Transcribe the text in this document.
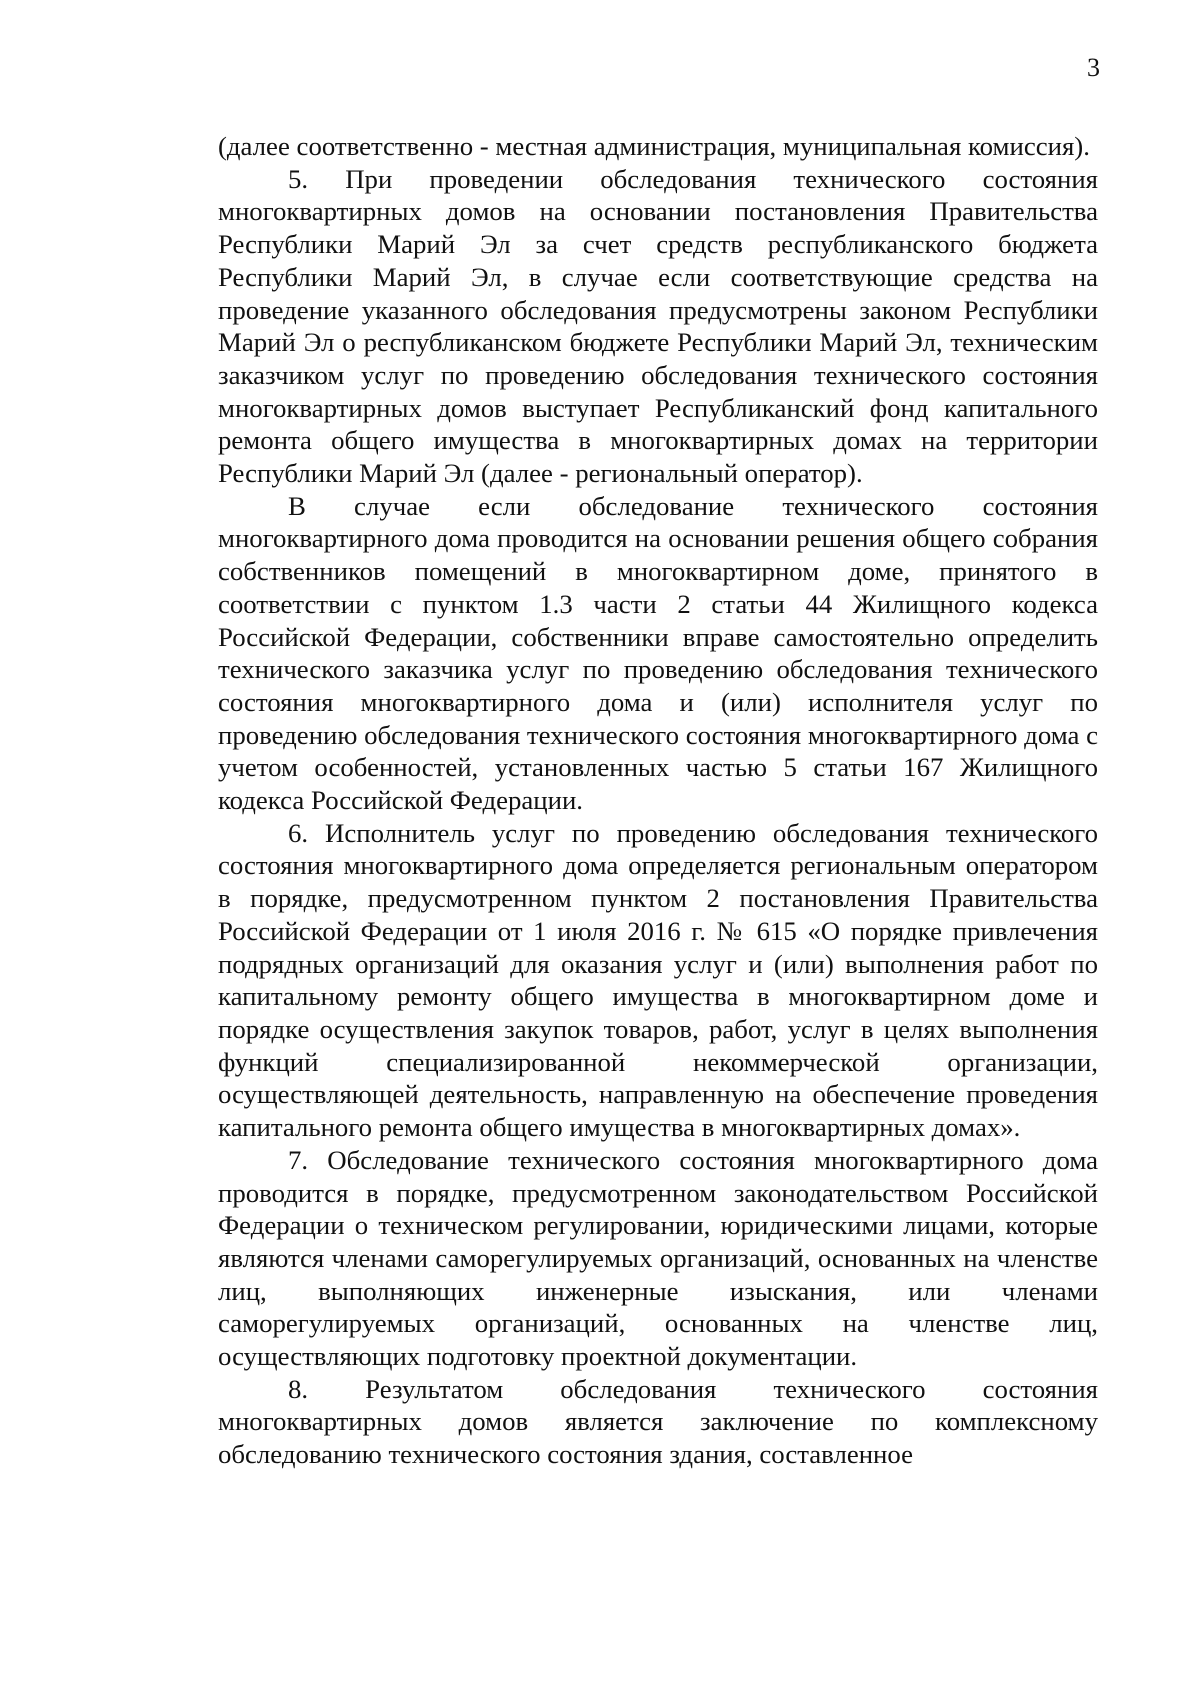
3

(далее соответственно - местная администрация, муниципальная комиссия).

5. При проведении обследования технического состояния многоквартирных домов на основании постановления Правительства Республики Марий Эл за счет средств республиканского бюджета Республики Марий Эл, в случае если соответствующие средства на проведение указанного обследования предусмотрены законом Республики Марий Эл о республиканском бюджете Республики Марий Эл, техническим заказчиком услуг по проведению обследования технического состояния многоквартирных домов выступает Республиканский фонд капитального ремонта общего имущества в многоквартирных домах на территории Республики Марий Эл (далее - региональный оператор).

В случае если обследование технического состояния многоквартирного дома проводится на основании решения общего собрания собственников помещений в многоквартирном доме, принятого в соответствии с пунктом 1.3 части 2 статьи 44 Жилищного кодекса Российской Федерации, собственники вправе самостоятельно определить технического заказчика услуг по проведению обследования технического состояния многоквартирного дома и (или) исполнителя услуг по проведению обследования технического состояния многоквартирного дома с учетом особенностей, установленных частью 5 статьи 167 Жилищного кодекса Российской Федерации.

6. Исполнитель услуг по проведению обследования технического состояния многоквартирного дома определяется региональным оператором в порядке, предусмотренном пунктом 2 постановления Правительства Российской Федерации от 1 июля 2016 г. № 615 «О порядке привлечения подрядных организаций для оказания услуг и (или) выполнения работ по капитальному ремонту общего имущества в многоквартирном доме и порядке осуществления закупок товаров, работ, услуг в целях выполнения функций специализированной некоммерческой организации, осуществляющей деятельность, направленную на обеспечение проведения капитального ремонта общего имущества в многоквартирных домах».

7. Обследование технического состояния многоквартирного дома проводится в порядке, предусмотренном законодательством Российской Федерации о техническом регулировании, юридическими лицами, которые являются членами саморегулируемых организаций, основанных на членстве лиц, выполняющих инженерные изыскания, или членами саморегулируемых организаций, основанных на членстве лиц, осуществляющих подготовку проектной документации.

8. Результатом обследования технического состояния многоквартирных домов является заключение по комплексному обследованию технического состояния здания, составленное
